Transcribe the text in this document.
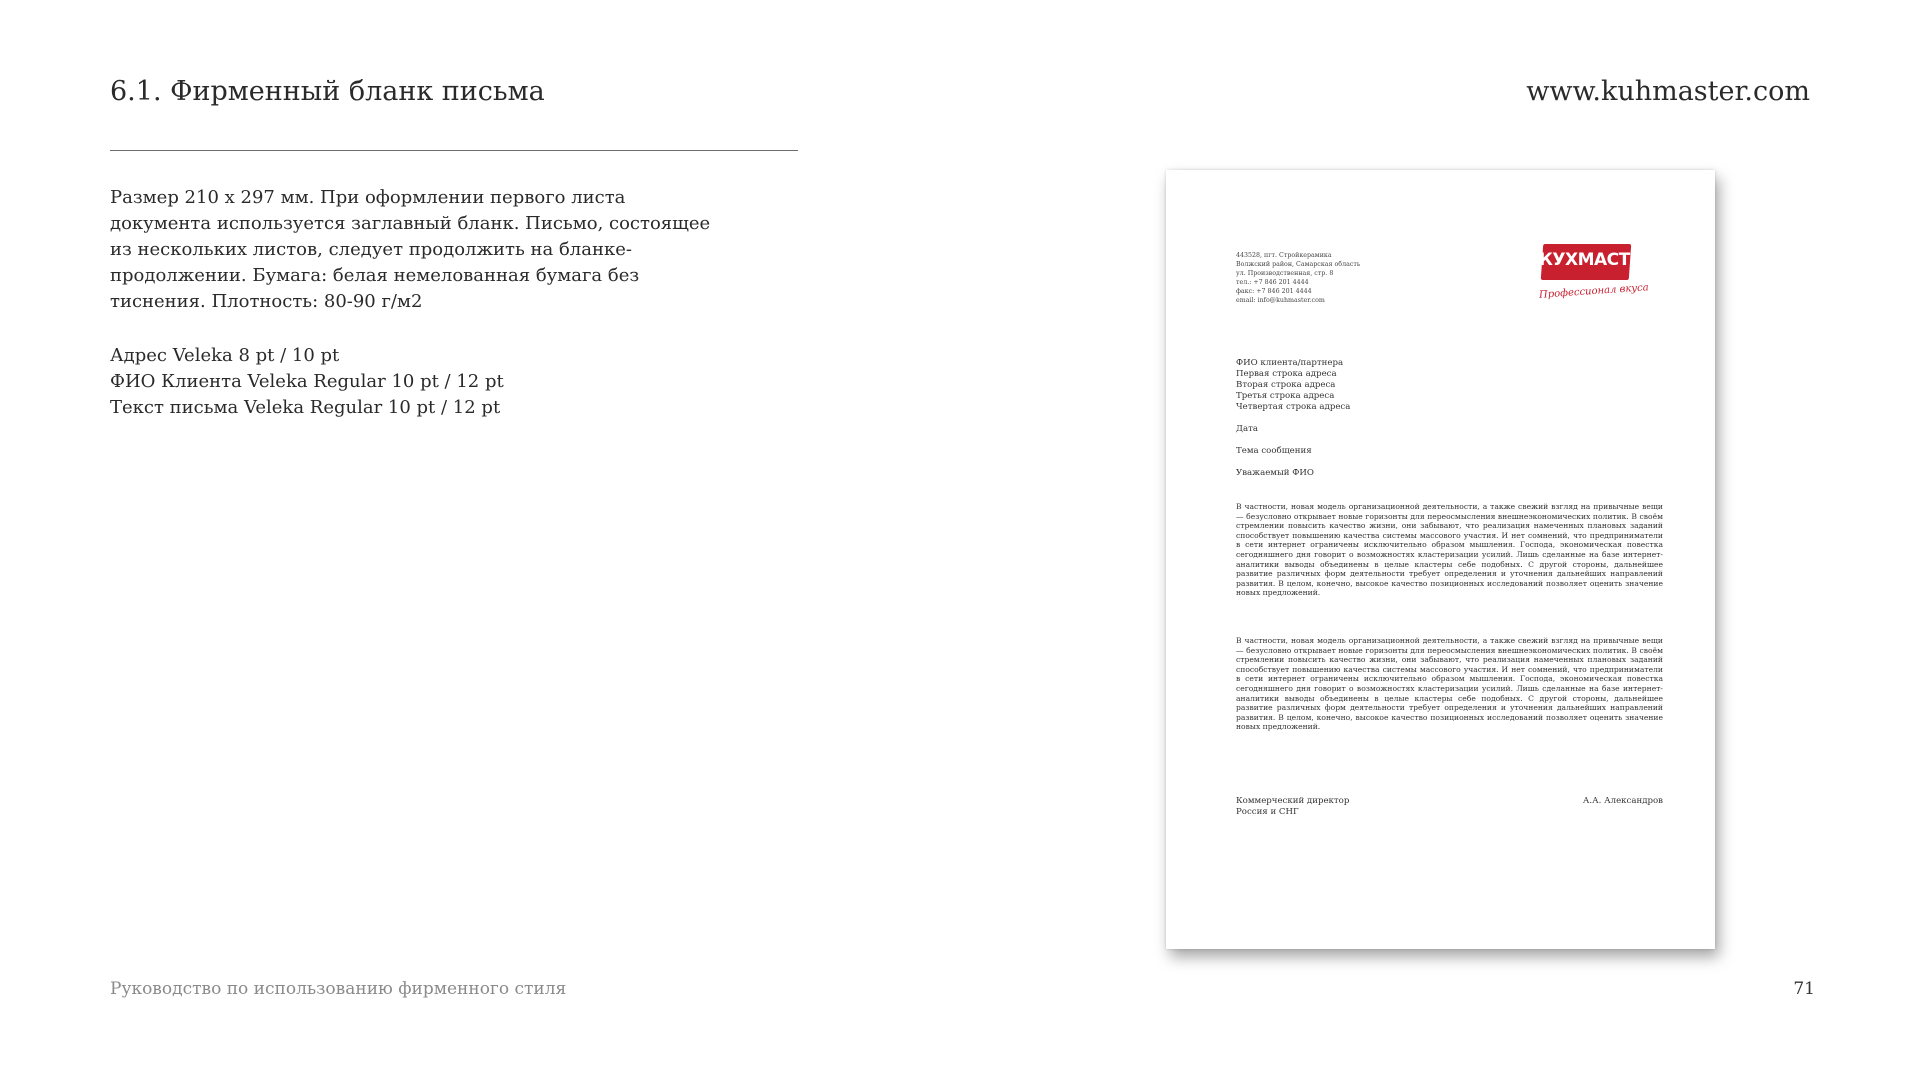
6.1. Фирменный бланк письма	www.kuhmaster.com

Размер 210 х 297 мм. При оформлении первого листа документа используется заглавный бланк. Письмо, состоящее из нескольких листов, следует продолжить на бланке-продолжении. Бумага: белая немелованная бумага без тиснения. Плотность: 80-90 г/м2

Адрес Veleka 8 pt / 10 pt
ФИО Клиента Veleka Regular 10 pt / 12 pt
Текст письма Veleka Regular 10 pt / 12 pt
443528, пгт. Стройкерамика
Волжский район, Самарская область
ул. Производственная, стр. 8
тел.: +7 846 201 4444
факс: +7 846 201 4444
email: info@kuhmaster.com
КУХМАСТЕР
Профессионал вкуса
ФИО клиента/партнера
Первая строка адреса
Вторая строка адреса
Третья строка адреса
Четвертая строка адреса
Дата
Тема сообщения
Уважаемый ФИО

В частности, новая модель организационной деятельности, а также свежий взгляд на привычные вещи — безусловно открывает новые горизонты для переосмысления внешнеэкономических политик. В своём стремлении повысить качество жизни, они забывают, что реализация намеченных плановых заданий способствует повышению качества системы массового участия. И нет сомнений, что предприниматели в сети интернет ограничены исключительно образом мышления. Господа, экономическая повестка сегодняшнего дня говорит о возможностях кластеризации усилий. Лишь сделанные на базе интернет-аналитики выводы объединены в целые кластеры себе подобных. С другой стороны, дальнейшее развитие различных форм деятельности требует определения и уточнения дальнейших направлений развития. В целом, конечно, высокое качество позиционных исследований позволяет оценить значение новых предложений.

В частности, новая модель организационной деятельности, а также свежий взгляд на привычные вещи — безусловно открывает новые горизонты для переосмысления внешнеэкономических политик. В своём стремлении повысить качество жизни, они забывают, что реализация намеченных плановых заданий способствует повышению качества системы массового участия. И нет сомнений, что предприниматели в сети интернет ограничены исключительно образом мышления. Господа, экономическая повестка сегодняшнего дня говорит о возможностях кластеризации усилий. Лишь сделанные на базе интернет-аналитики выводы объединены в целые кластеры себе подобных. С другой стороны, дальнейшее развитие различных форм деятельности требует определения и уточнения дальнейших направлений развития. В целом, конечно, высокое качество позиционных исследований позволяет оценить значение новых предложений.

Коммерческий директор
Россия и СНГ
А.А. Александров
Руководство по использованию фирменного стиля	71
